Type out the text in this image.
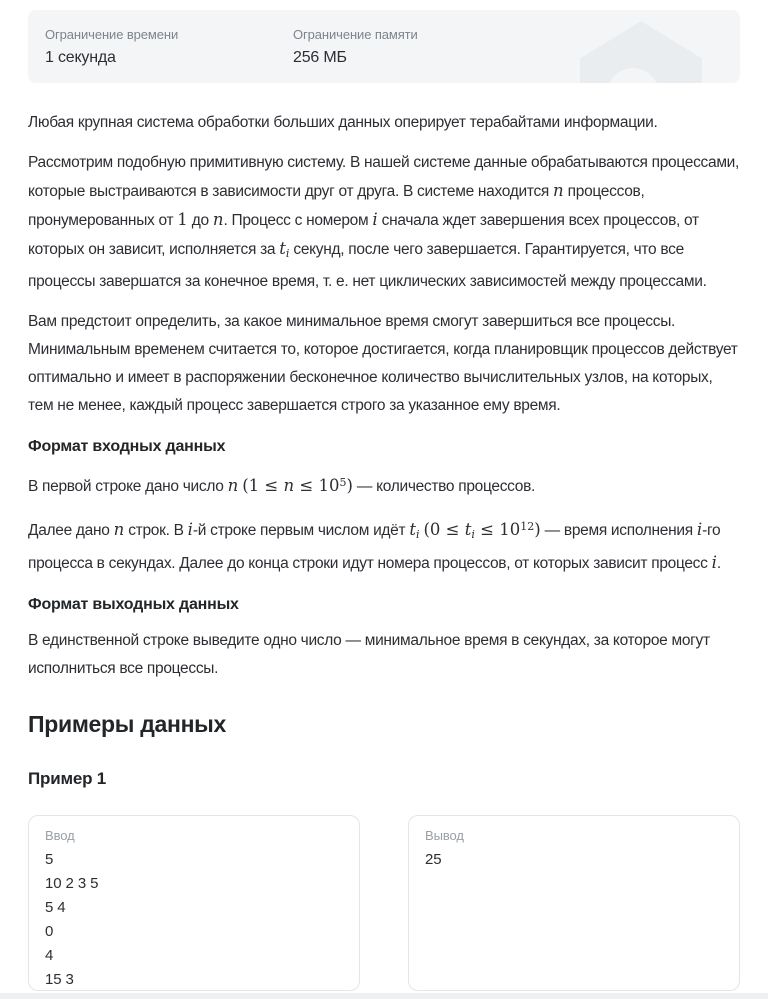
Ограничение времени
1 секунда
Ограничение памяти
256 МБ
Любая крупная система обработки больших данных оперирует терабайтами информации.
Рассмотрим подобную примитивную систему. В нашей системе данные обрабатываются процессами, которые выстраиваются в зависимости друг от друга. В системе находится n процессов, пронумерованных от 1 до n. Процесс с номером i сначала ждет завершения всех процессов, от которых он зависит, исполняется за $t_i$ секунд, после чего завершается. Гарантируется, что все процессы завершатся за конечное время, т. е. нет циклических зависимостей между процессами.
Вам предстоит определить, за какое минимальное время смогут завершиться все процессы. Минимальным временем считается то, которое достигается, когда планировщик процессов действует оптимально и имеет в распоряжении бесконечное количество вычислительных узлов, на которых, тем не менее, каждый процесс завершается строго за указанное ему время.
Формат входных данных
В первой строке дано число n $(1 \le n \le 10^5)$ — количество процессов.
Далее дано n строк. В i-й строке первым числом идёт $t_i$ $(0 \le t_i \le 10^{12})$ — время исполнения i-го процесса в секундах. Далее до конца строки идут номера процессов, от которых зависит процесс i.
Формат выходных данных
В единственной строке выведите одно число — минимальное время в секундах, за которое могут исполниться все процессы.
Примеры данных
Пример 1
Ввод
5
10 2 3 5
5 4
0
4
15 3
Вывод
25
